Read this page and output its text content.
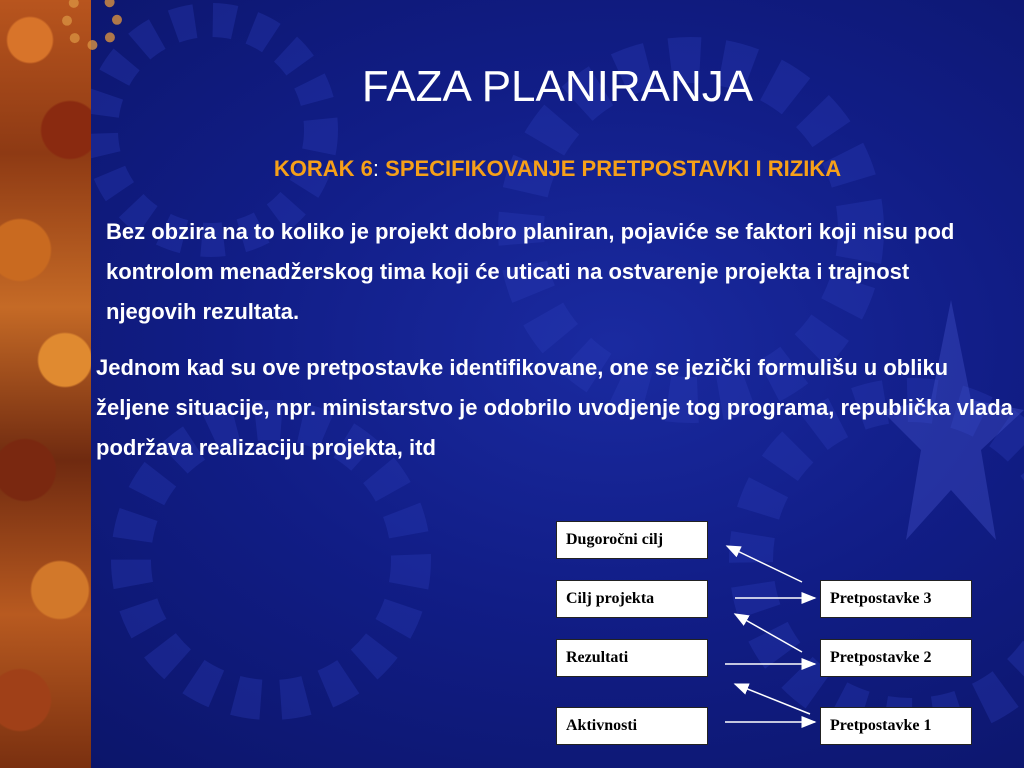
FAZA PLANIRANJA
KORAK 6: SPECIFIKOVANJE PRETPOSTAVKI I RIZIKA

Bez obzira na to koliko je projekt dobro planiran, pojaviće se faktori koji nisu pod kontrolom menadžerskog tima koji će uticati na ostvarenje projekta i trajnost njegovih rezultata.

Jednom kad su ove pretpostavke identifikovane, one se jezički formulišu u obliku željene situacije, npr. ministarstvo je odobrilo uvodjenje tog programa, republička vlada podržava realizaciju projekta, itd

Dugoročni cilj
Cilj projekta
Rezultati
Aktivnosti
Pretpostavke 3
Pretpostavke 2
Pretpostavke 1
